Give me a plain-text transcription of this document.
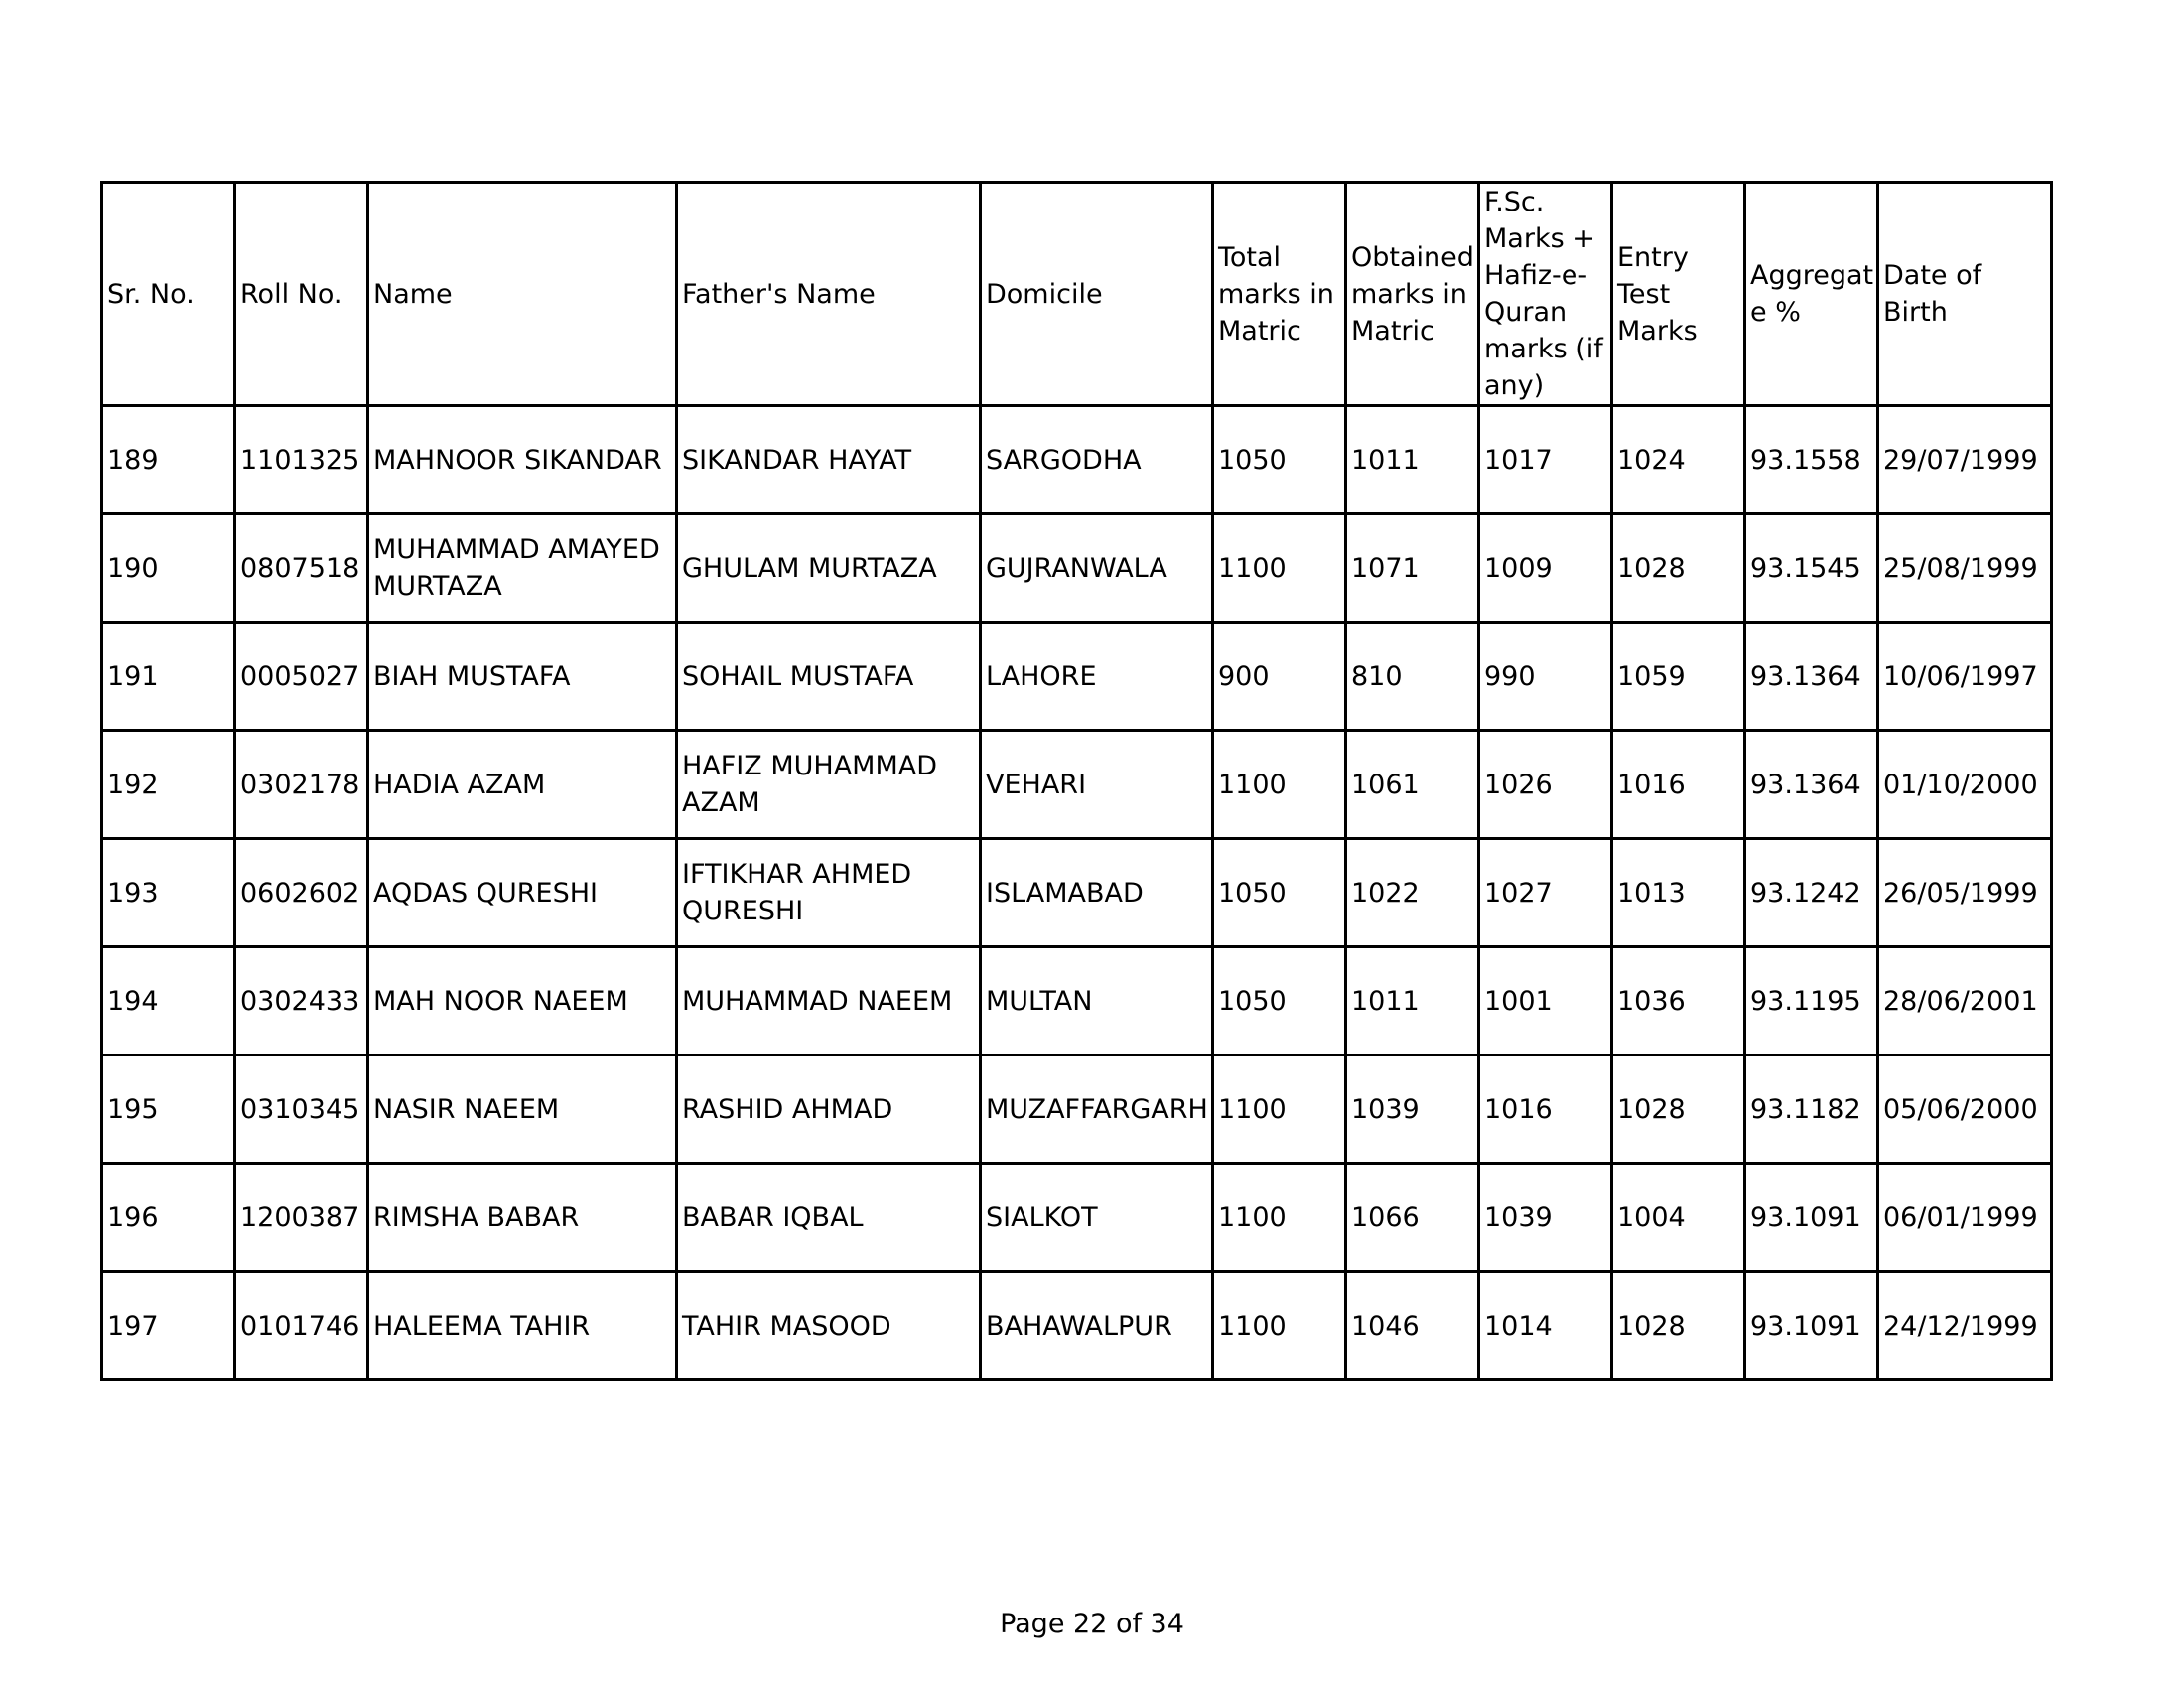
Sr. No.	Roll No.	Name	Father's Name	Domicile	Total marks in Matric	Obtained marks in Matric	F.Sc. Marks + Hafiz-e-Quran marks (if any)	Entry Test Marks	Aggregate %	Date of Birth
189	1101325	MAHNOOR SIKANDAR	SIKANDAR HAYAT	SARGODHA	1050	1011	1017	1024	93.1558	29/07/1999
190	0807518	MUHAMMAD AMAYED MURTAZA	GHULAM MURTAZA	GUJRANWALA	1100	1071	1009	1028	93.1545	25/08/1999
191	0005027	BIAH MUSTAFA	SOHAIL MUSTAFA	LAHORE	900	810	990	1059	93.1364	10/06/1997
192	0302178	HADIA AZAM	HAFIZ MUHAMMAD AZAM	VEHARI	1100	1061	1026	1016	93.1364	01/10/2000
193	0602602	AQDAS QURESHI	IFTIKHAR AHMED QURESHI	ISLAMABAD	1050	1022	1027	1013	93.1242	26/05/1999
194	0302433	MAH NOOR NAEEM	MUHAMMAD NAEEM	MULTAN	1050	1011	1001	1036	93.1195	28/06/2001
195	0310345	NASIR NAEEM	RASHID AHMAD	MUZAFFARGARH	1100	1039	1016	1028	93.1182	05/06/2000
196	1200387	RIMSHA BABAR	BABAR IQBAL	SIALKOT	1100	1066	1039	1004	93.1091	06/01/1999
197	0101746	HALEEMA TAHIR	TAHIR MASOOD	BAHAWALPUR	1100	1046	1014	1028	93.1091	24/12/1999
Page 22 of 34
